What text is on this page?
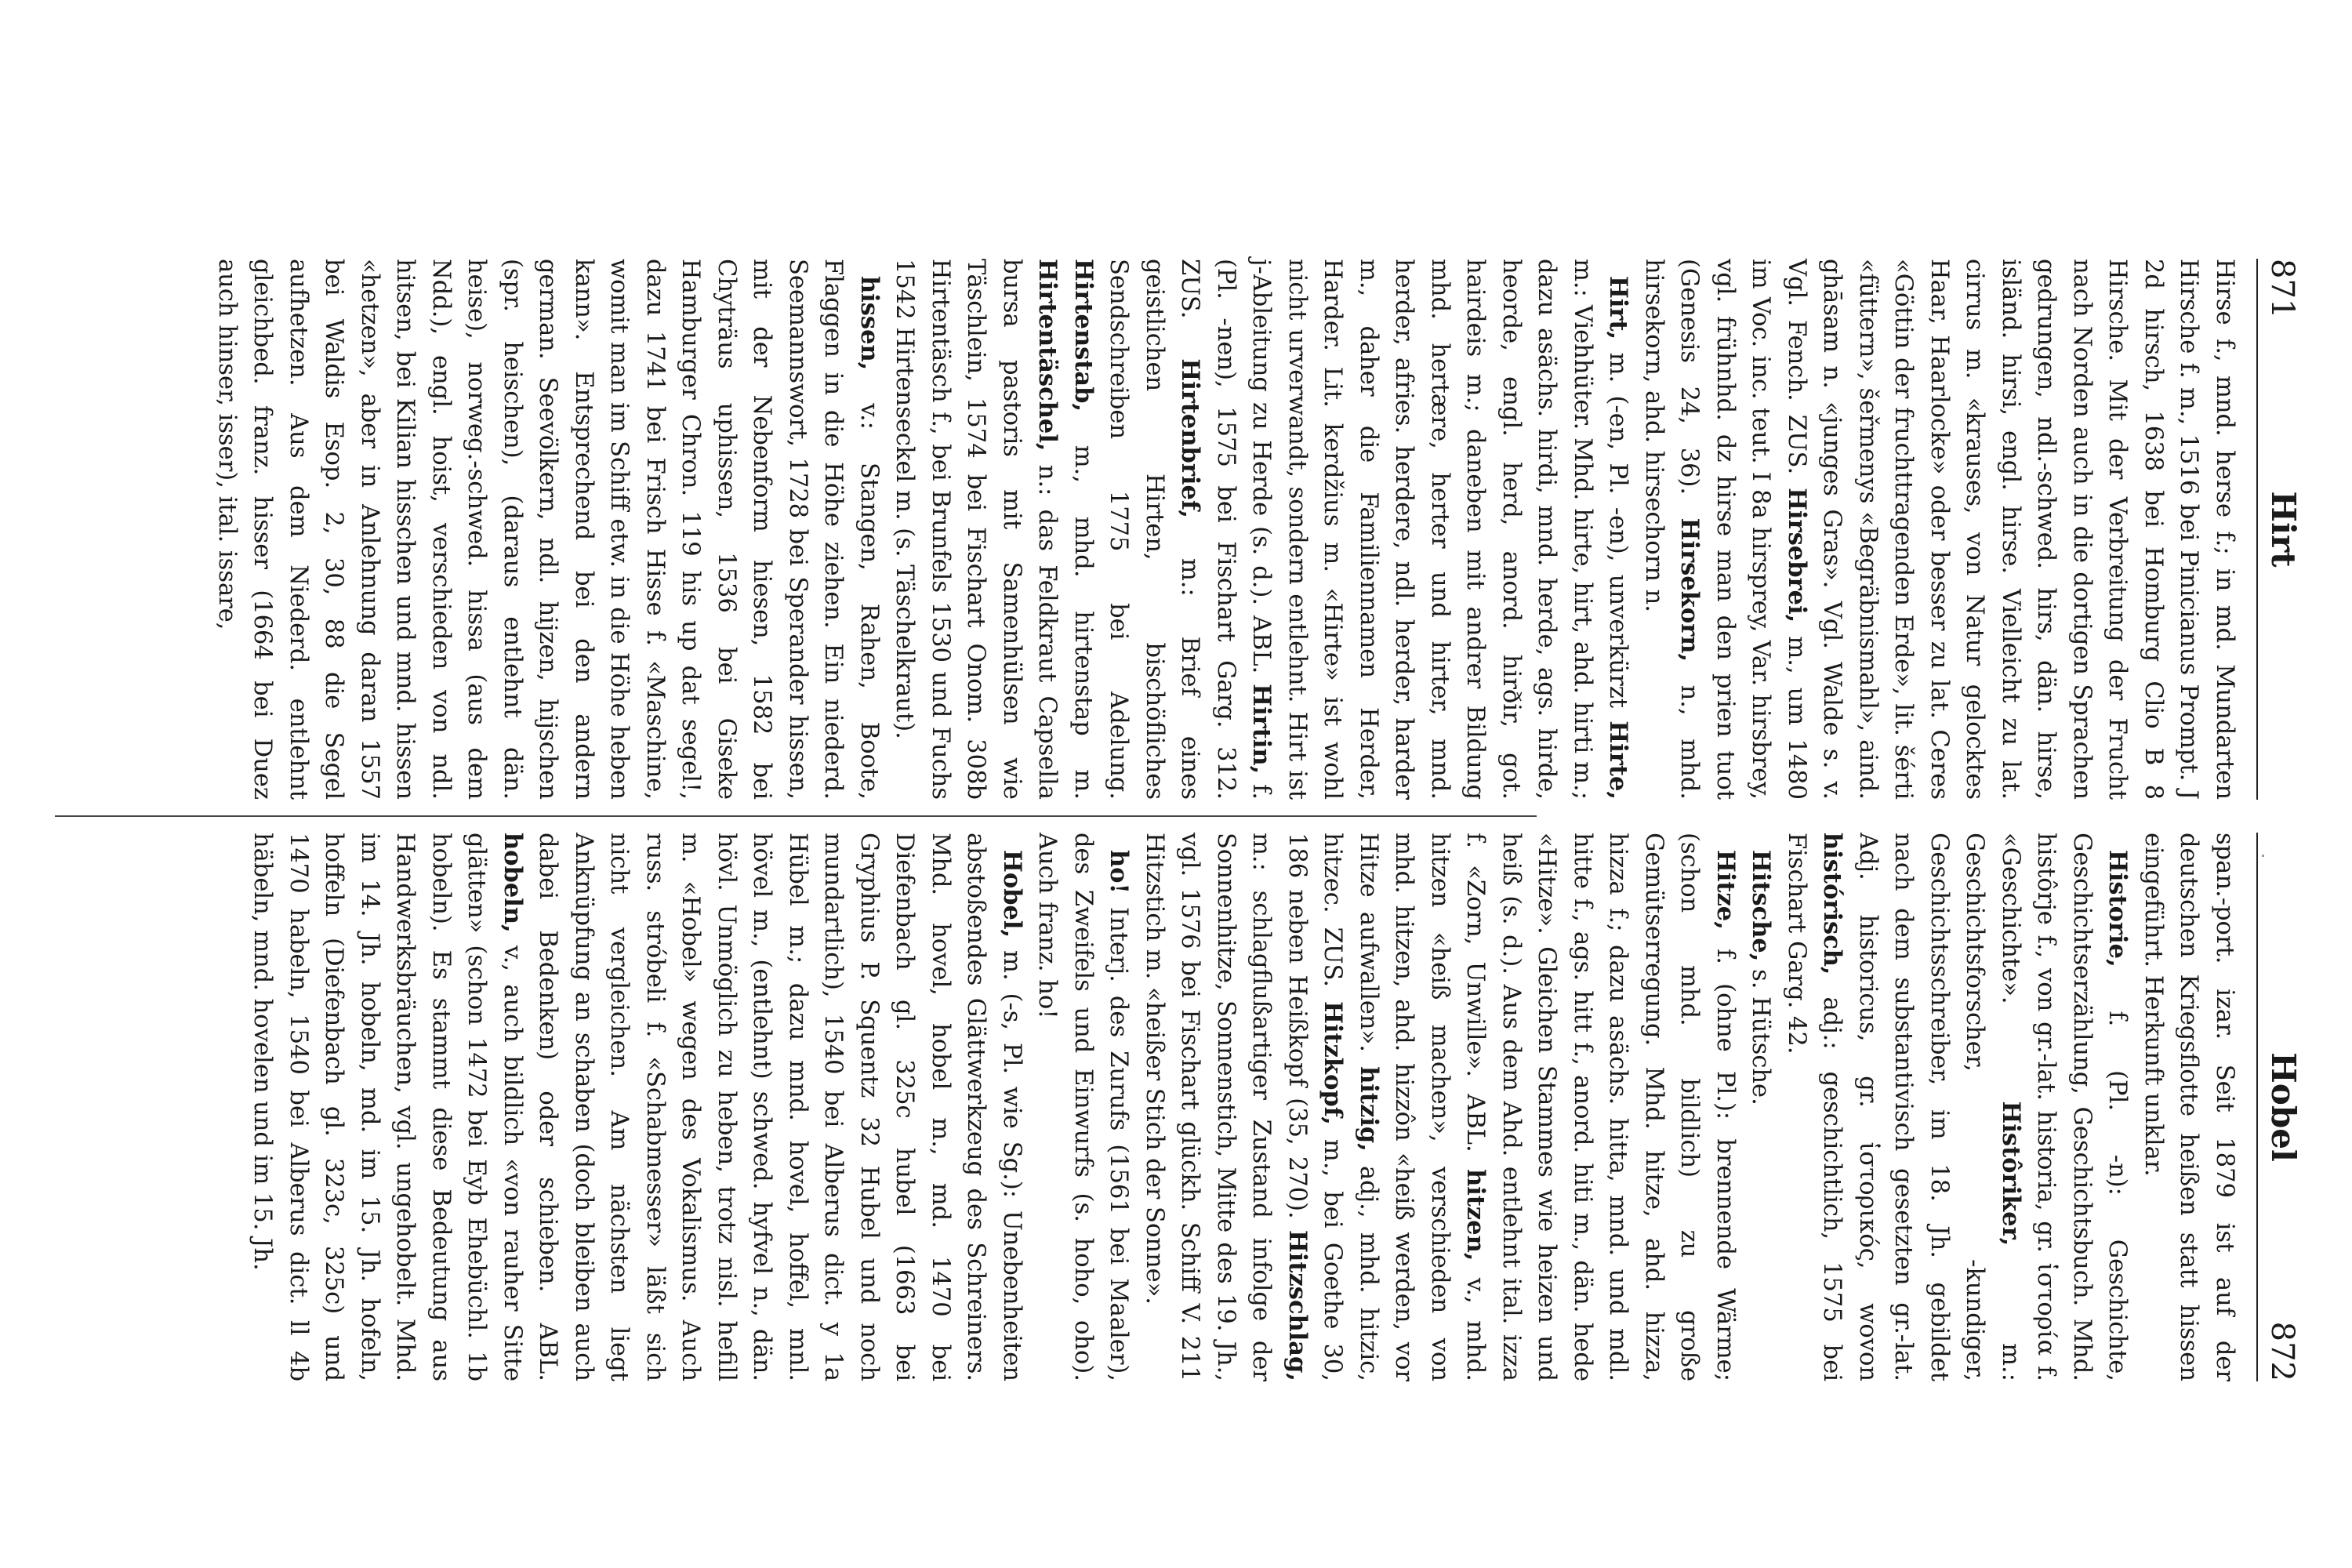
871
Hirt

Hirse f., mnd. herse f.; in md. Mundarten Hirsche f. m., 1516 bei Pinicianus Prompt. J 2d hirsch, 1638 bei Homburg Clio B 8 Hirsche. Mit der Verbreitung der Frucht nach Norden auch in die dortigen Sprachen gedrungen, ndl.-schwed. hirs, dän. hirse, isländ. hirsi, engl. hirse. Vielleicht zu lat. cirrus m. «krauses, von Natur gelocktes Haar, Haarlocke» oder besser zu lat. Ceres «Göttin der fruchttragenden Erde», lit. šérti «füttern», šeřmenys «Begräbnismahl», aind. ghāsam n. «junges Gras». Vgl. Walde s. v. Vgl. Fench. ZUS. Hirsebrei, m., um 1480 im Voc. inc. teut. I 8a hirsprey, Var. hirsbrey, vgl. frühnhd. dz hirse man den prien tuot (Genesis 24, 36). Hirsekorn, n., mhd. hirsekorn, ahd. hirsechorn n.

Hirt, m. (-en, Pl. -en), unverkürzt Hirte, m.: Viehhüter. Mhd. hirte, hirt, ahd. hirti m.; dazu asächs. hirdi, mnd. herde, ags. hirde, heorde, engl. herd, anord. hirðir, got. hairdeis m.; daneben mit andrer Bildung mhd. hertære, herter und hirter, mnd. herder, afries. herdere, ndl. herder, harder m., daher die Familiennamen Herder, Harder. Lit. kerdžius m. «Hirte» ist wohl nicht urverwandt, sondern entlehnt. Hirt ist j-Ableitung zu Herde (s. d.). ABL. Hirtin, f. (Pl. -nen), 1575 bei Fischart Garg. 312. ZUS. Hirtenbrief, m.: Brief eines geistlichen Hirten, bischöfliches Sendschreiben 1775 bei Adelung. Hirtenstab, m., mhd. hirtenstap m. Hirtentäschel, n.: das Feldkraut Capsella bursa pastoris mit Samenhülsen wie Täschlein, 1574 bei Fischart Onom. 308b Hirtentäsch f., bei Brunfels 1530 und Fuchs 1542 Hirtenseckel m. (s. Täschelkraut).

hissen, v.: Stangen, Rahen, Boote, Flaggen in die Höhe ziehen. Ein niederd. Seemannswort, 1728 bei Sperander hissen, mit der Nebenform hiesen, 1582 bei Chyträus uphissen, 1536 bei Giseke Hamburger Chron. 119 his up dat segel!, dazu 1741 bei Frisch Hisse f. «Maschine, womit man im Schiff etw. in die Höhe heben kann». Entsprechend bei den andern german. Seevölkern, ndl. hijzen, hijschen (spr. heischen), (daraus entlehnt dän. heise), norweg.-schwed. hissa (aus dem Ndd.), engl. hoist, verschieden von ndl. hitsen, bei Kilian hisschen und mnd. hissen «hetzen», aber in Anlehnung daran 1557 bei Waldis Esop. 2, 30, 88 die Segel aufhetzen. Aus dem Niederd. entlehnt gleichbed. franz. hisser (1664 bei Duez auch hinser, isser), ital. issare,

Hobel
872

span.-port. izar. Seit 1879 ist auf der deutschen Kriegsflotte heißen statt hissen eingeführt. Herkunft unklar.

Historie, f. (Pl. -n): Geschichte, Geschichtserzählung, Geschichtsbuch. Mhd. histôrje f., von gr.-lat. historia, gr. ἱστορία f. «Geschichte». Histôriker, m.: Geschichtsforscher, -kundiger, Geschichtsschreiber, im 18. Jh. gebildet nach dem substantivisch gesetzten gr.-lat. Adj. historicus, gr. ἱστορικός, wovon histórisch, adj.: geschichtlich, 1575 bei Fischart Garg. 42.

Hitsche, s. Hütsche.

Hitze, f. (ohne Pl.): brennende Wärme; (schon mhd. bildlich) zu große Gemütserregung. Mhd. hitze, ahd. hizza, hizza f.; dazu asächs. hitta, mnd. und mdl. hitte f., ags. hitt f., anord. hiti m., dän. hede «Hitze». Gleichen Stammes wie heizen und heiß (s. d.). Aus dem Ahd. entlehnt ital. izza f. «Zorn, Unwille». ABL. hitzen, v., mhd. hitzen «heiß machen», verschieden von mhd. hitzen, ahd. hizzôn «heiß werden, vor Hitze aufwallen». hitzig, adj., mhd. hitzic, hitzec. ZUS. Hitzkopf, m., bei Goethe 30, 186 neben Heißkopf (35, 270). Hitzschlag, m.: schlagflußartiger Zustand infolge der Sonnenhitze, Sonnenstich, Mitte des 19. Jh., vgl. 1576 bei Fischart glückh. Schiff V. 211 Hitzstich m. «heißer Stich der Sonne».

ho! Interj. des Zurufs (1561 bei Maaler), des Zweifels und Einwurfs (s. hoho, oho). Auch franz. ho!

Hobel, m. (-s, Pl. wie Sg.): Unebenheiten abstoßendes Glättwerkzeug des Schreiners. Mhd. hovel, hobel m., md. 1470 bei Diefenbach gl. 325c hubel (1663 bei Gryphius P. Squentz 32 Hubel und noch mundartlich), 1540 bei Alberus dict. y 1a Hübel m.; dazu mnd. hovel, hoffel, mnl. hövel m., (entlehnt) schwed. hyfvel n., dän. hövl. Unmöglich zu heben, trotz nisl. hefill m. «Hobel» wegen des Vokalismus. Auch russ. stróbeli f. «Schabmesser» läßt sich nicht vergleichen. Am nächsten liegt Anknüpfung an schaben (doch bleiben auch dabei Bedenken) oder schieben. ABL. hobeln, v., auch bildlich «von rauher Sitte glätten» (schon 1472 bei Eyb Ehebüchl. 1b hobeln). Es stammt diese Bedeutung aus Handwerksbräuchen, vgl. ungehobelt. Mhd. im 14. Jh. hobeln, md. im 15. Jh. hofeln, hoffeln (Diefenbach gl. 323c, 325c) und 1470 habeln, 1540 bei Alberus dict. ll 4b häbeln, mnd. hovelen und im 15. Jh.
